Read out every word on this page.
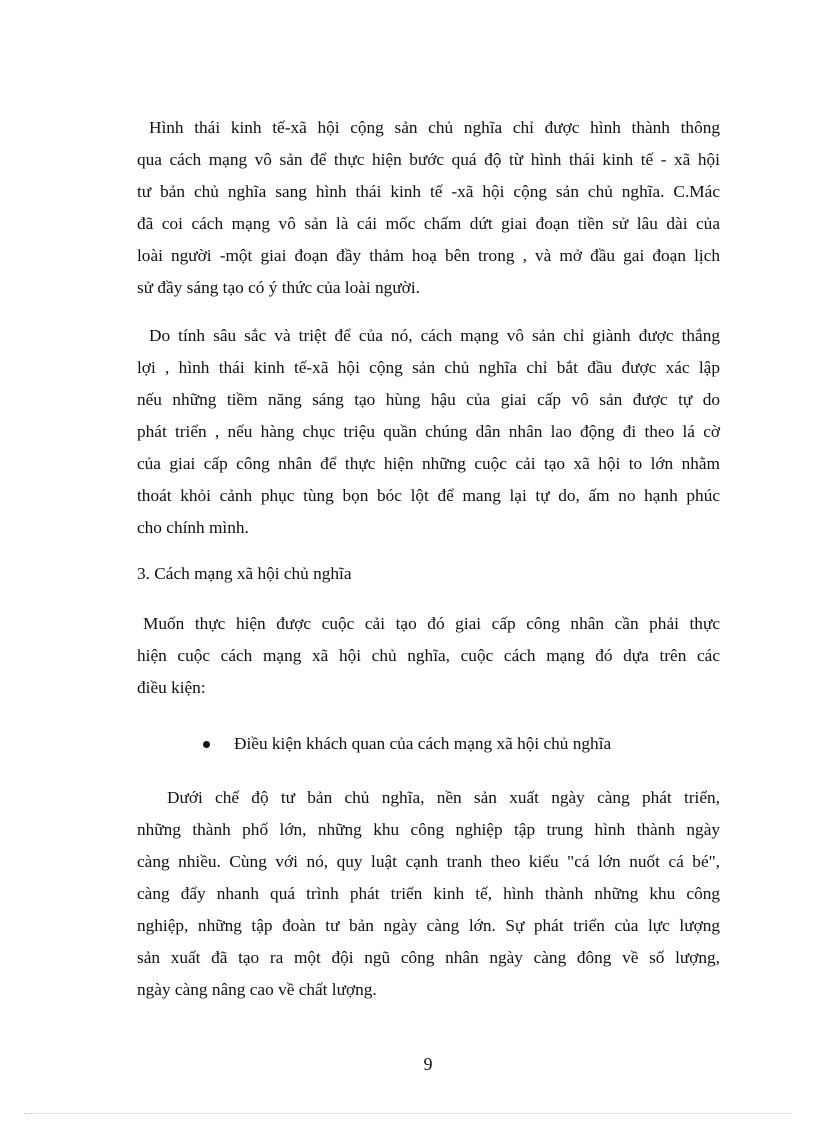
Hình thái kinh tế-xã hội cộng sản chủ nghĩa chỉ được hình thành thông
qua cách mạng vô sản để thực hiện bước quá độ từ hình thái kinh tế - xã hội
tư bản chủ nghĩa sang hình thái kinh tế -xã hội cộng sản chủ nghĩa. C.Mác
đã coi cách mạng vô sản là cái mốc chấm dứt giai đoạn tiền sử lâu dài của
loài người -một giai đoạn đầy thảm hoạ bên trong , và mở đầu gai đoạn lịch
sử đầy sáng tạo có ý thức của loài người.
Do tính sâu sắc và triệt để của nó, cách mạng vô sản chỉ giành được thắng
lợi , hình thái kinh tế-xã hội cộng sản chủ nghĩa chỉ bắt đầu được xác lập
nếu những tiềm năng sáng tạo hùng hậu của giai cấp vô sản được tự do
phát triển , nếu hàng chục triệu quần chúng dân nhân lao động đi theo lá cờ
của giai cấp công nhân để thực hiện những cuộc cải tạo xã hội to lớn nhằm
thoát khỏi cảnh phục tùng bọn bóc lột để mang lại tự do, ấm no hạnh phúc
cho chính mình.
3. Cách mạng xã hội chủ nghĩa
Muốn thực hiện được cuộc cải tạo đó giai cấp công nhân cần phải thực
hiện cuộc cách mạng xã hội chủ nghĩa, cuộc cách mạng đó dựa trên các
điều kiện:
Điều kiện khách quan của cách mạng xã hội chủ nghĩa
Dưới chế độ tư bản chủ nghĩa, nền sản xuất ngày càng phát triển,
những thành phố lớn, những khu công nghiệp tập trung hình thành ngày
càng nhiều. Cùng với nó, quy luật cạnh tranh theo kiểu "cá lớn nuốt cá bé",
càng đẩy nhanh quá trình phát triển kinh tế, hình thành những khu công
nghiệp, những tập đoàn tư bản ngày càng lớn. Sự phát triển của lực lượng
sản xuất đã tạo ra một đội ngũ công nhân ngày càng đông về số lượng,
ngày càng nâng cao về chất lượng.
9
